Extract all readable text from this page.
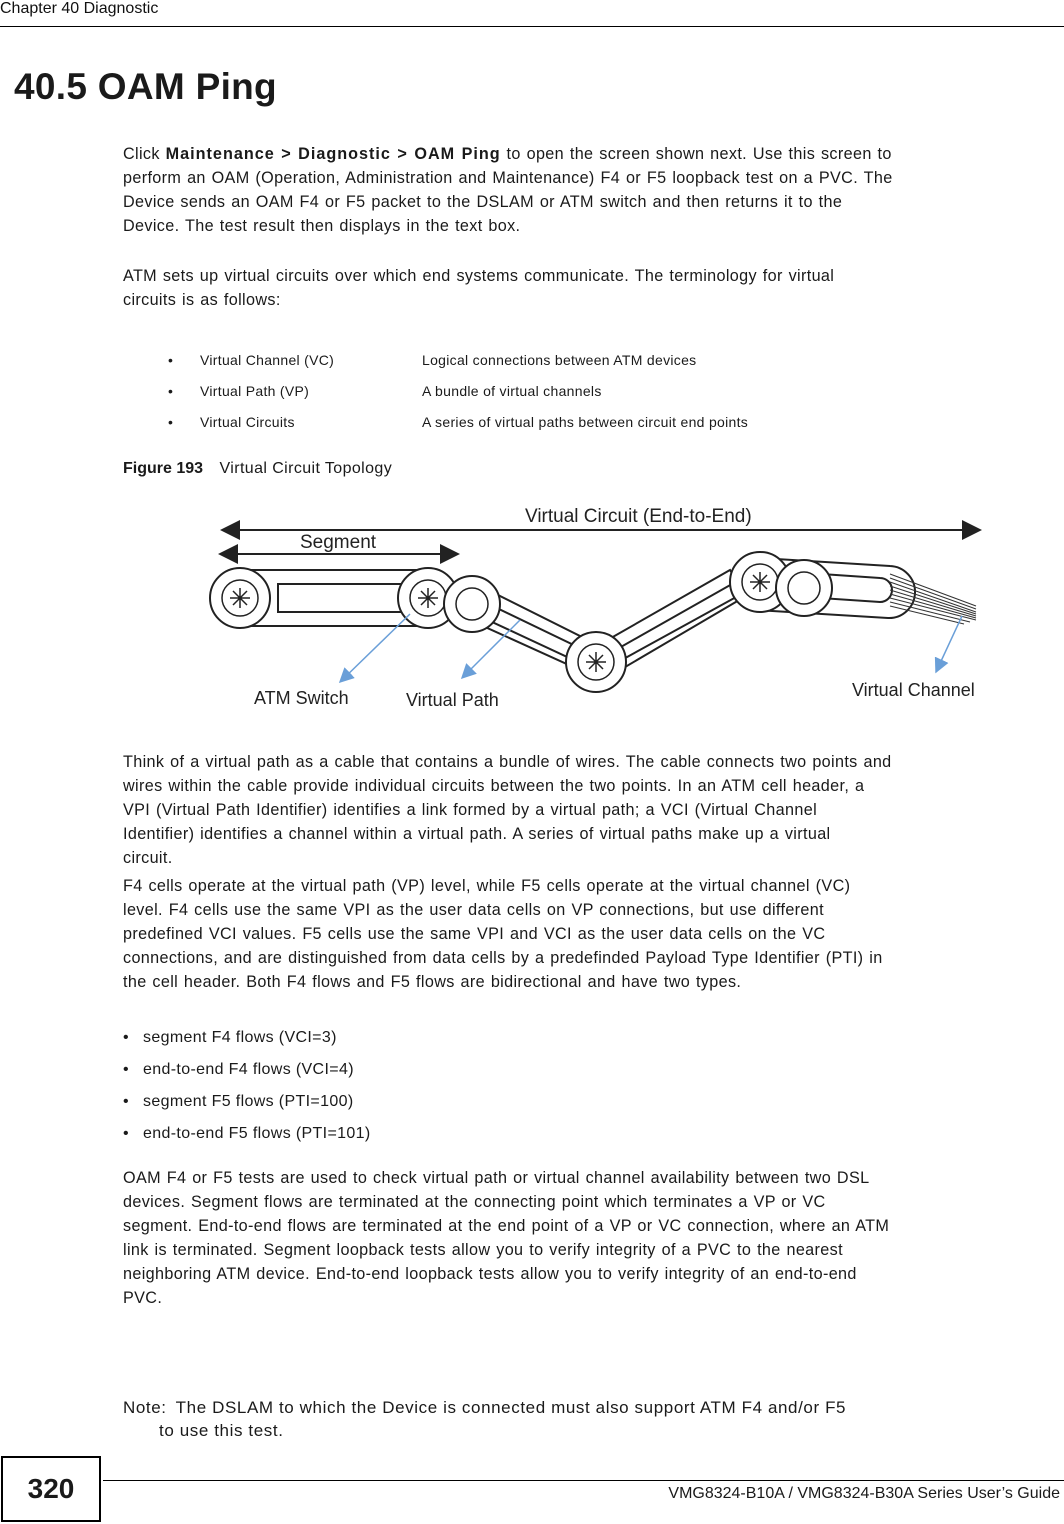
Chapter 40 Diagnostic
40.5 OAM Ping

Click Maintenance > Diagnostic > OAM Ping to open the screen shown next. Use this screen to
perform an OAM (Operation, Administration and Maintenance) F4 or F5 loopback test on a PVC. The
Device sends an OAM F4 or F5 packet to the DSLAM or ATM switch and then returns it to the
Device. The test result then displays in the text box.

ATM sets up virtual circuits over which end systems communicate. The terminology for virtual
circuits is as follows:

•	Virtual Channel (VC)	Logical connections between ATM devices
•	Virtual Path (VP)	A bundle of virtual channels
•	Virtual Circuits	A series of virtual paths between circuit end points
Figure 193 Virtual Circuit Topology
Virtual Circuit (End-to-End)
Segment
ATM Switch	Virtual Path	Virtual Channel

Think of a virtual path as a cable that contains a bundle of wires. The cable connects two points and
wires within the cable provide individual circuits between the two points. In an ATM cell header, a
VPI (Virtual Path Identifier) identifies a link formed by a virtual path; a VCI (Virtual Channel
Identifier) identifies a channel within a virtual path. A series of virtual paths make up a virtual
circuit.

F4 cells operate at the virtual path (VP) level, while F5 cells operate at the virtual channel (VC)
level. F4 cells use the same VPI as the user data cells on VP connections, but use different
predefined VCI values. F5 cells use the same VPI and VCI as the user data cells on the VC
connections, and are distinguished from data cells by a predefinded Payload Type Identifier (PTI) in
the cell header. Both F4 flows and F5 flows are bidirectional and have two types.

• segment F4 flows (VCI=3)
• end-to-end F4 flows (VCI=4)
• segment F5 flows (PTI=100)
• end-to-end F5 flows (PTI=101)

OAM F4 or F5 tests are used to check virtual path or virtual channel availability between two DSL
devices. Segment flows are terminated at the connecting point which terminates a VP or VC
segment. End-to-end flows are terminated at the end point of a VP or VC connection, where an ATM
link is terminated. Segment loopback tests allow you to verify integrity of a PVC to the nearest
neighboring ATM device. End-to-end loopback tests allow you to verify integrity of an end-to-end
PVC.

Note: The DSLAM to which the Device is connected must also support ATM F4 and/or F5
to use this test.

320	VMG8324-B10A / VMG8324-B30A Series User’s Guide
